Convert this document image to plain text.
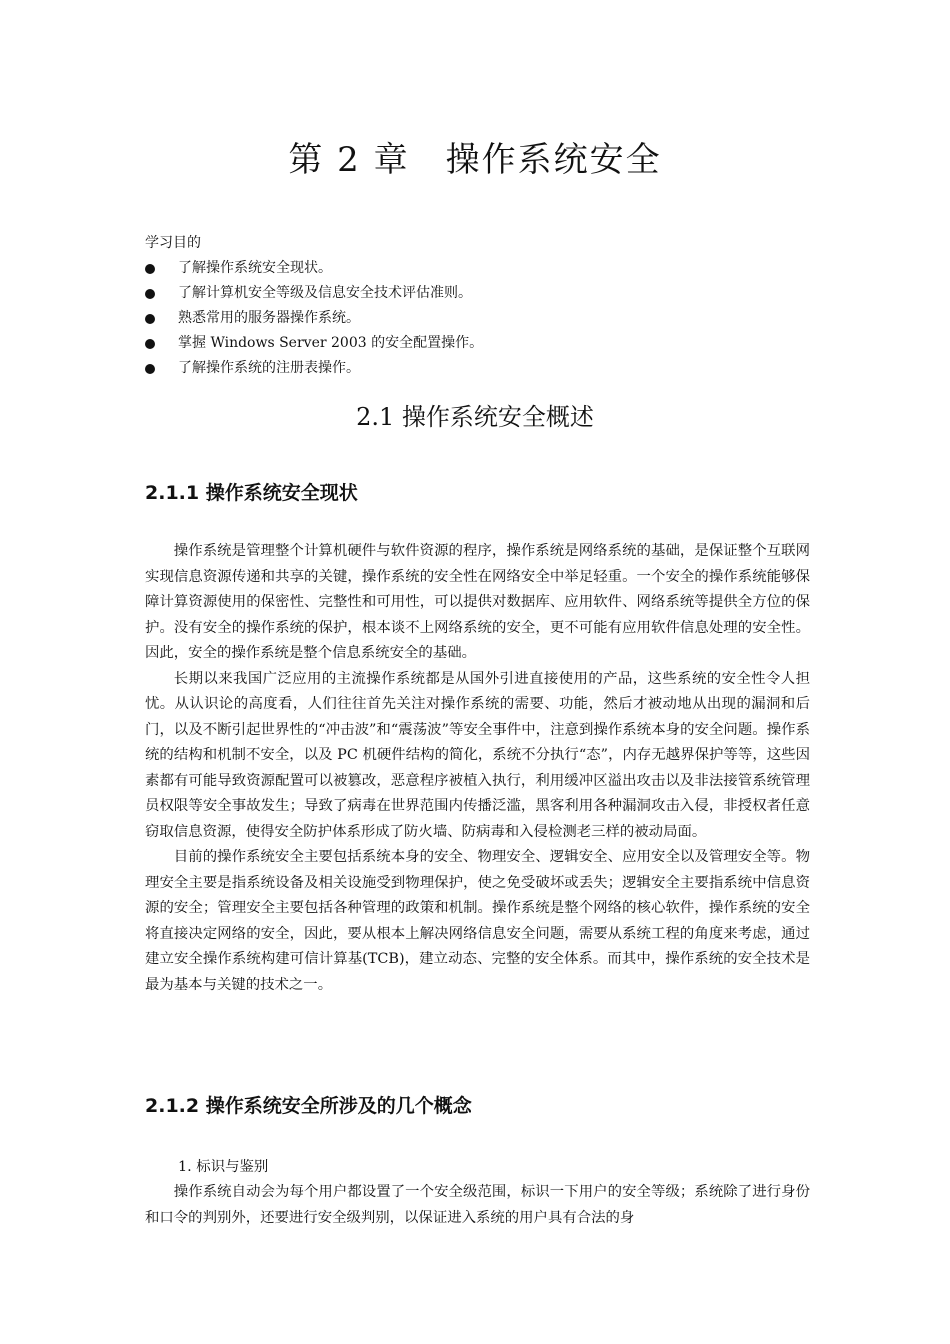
第 2 章　操作系统安全
学习目的
了解操作系统安全现状。
了解计算机安全等级及信息安全技术评估准则。
熟悉常用的服务器操作系统。
掌握 Windows Server 2003 的安全配置操作。
了解操作系统的注册表操作。
2.1 操作系统安全概述
2.1.1 操作系统安全现状

操作系统是管理整个计算机硬件与软件资源的程序，操作系统是网络系统的基础，是保证整个互联网实现信息资源传递和共享的关键，操作系统的安全性在网络安全中举足轻重。一个安全的操作系统能够保障计算资源使用的保密性、完整性和可用性，可以提供对数据库、应用软件、网络系统等提供全方位的保护。没有安全的操作系统的保护，根本谈不上网络系统的安全，更不可能有应用软件信息处理的安全性。因此，安全的操作系统是整个信息系统安全的基础。

长期以来我国广泛应用的主流操作系统都是从国外引进直接使用的产品，这些系统的安全性令人担忧。从认识论的高度看，人们往往首先关注对操作系统的需要、功能，然后才被动地从出现的漏洞和后门，以及不断引起世界性的“冲击波”和“震荡波”等安全事件中，注意到操作系统本身的安全问题。操作系统的结构和机制不安全，以及 PC 机硬件结构的简化，系统不分执行“态”，内存无越界保护等等，这些因素都有可能导致资源配置可以被篡改，恶意程序被植入执行，利用缓冲区溢出攻击以及非法接管系统管理员权限等安全事故发生；导致了病毒在世界范围内传播泛滥，黑客利用各种漏洞攻击入侵，非授权者任意窃取信息资源，使得安全防护体系形成了防火墙、防病毒和入侵检测老三样的被动局面。

目前的操作系统安全主要包括系统本身的安全、物理安全、逻辑安全、应用安全以及管理安全等。物理安全主要是指系统设备及相关设施受到物理保护，使之免受破坏或丢失；逻辑安全主要指系统中信息资源的安全；管理安全主要包括各种管理的政策和机制。操作系统是整个网络的核心软件，操作系统的安全将直接决定网络的安全，因此，要从根本上解决网络信息安全问题，需要从系统工程的角度来考虑，通过建立安全操作系统构建可信计算基(TCB)，建立动态、完整的安全体系。而其中，操作系统的安全技术是最为基本与关键的技术之一。

2.1.2 操作系统安全所涉及的几个概念
1. 标识与鉴别

操作系统自动会为每个用户都设置了一个安全级范围，标识一下用户的安全等级；系统除了进行身份和口令的判别外，还要进行安全级判别，以保证进入系统的用户具有合法的身
